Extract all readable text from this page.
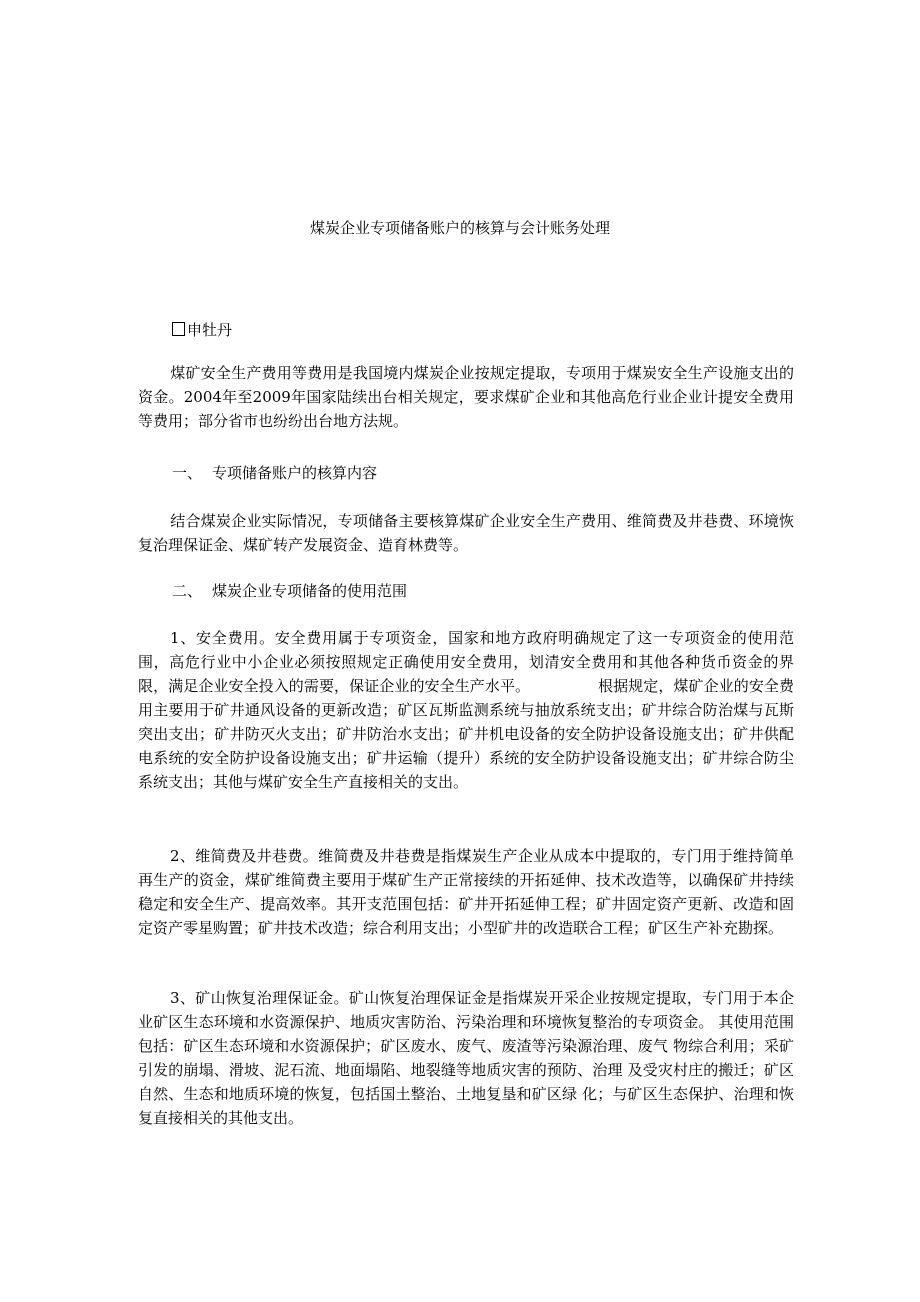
煤炭企业专项储备账户的核算与会计账务处理
申牡丹
煤矿安全生产费用等费用是我国境内煤炭企业按规定提取，专项用于煤炭安全生产设施支出的资金。2004年至2009年国家陆续出台相关规定，要求煤矿企业和其他高危行业企业计提安全费用等费用；部分省市也纷纷出台地方法规。
一、 专项储备账户的核算内容
结合煤炭企业实际情况，专项储备主要核算煤矿企业安全生产费用、维简费及井巷费、环境恢复治理保证金、煤矿转产发展资金、造育林费等。
二、 煤炭企业专项储备的使用范围
1、安全费用。安全费用属于专项资金，国家和地方政府明确规定了这一专项资金的使用范围，高危行业中小企业必须按照规定正确使用安全费用，划清安全费用和其他各种货币资金的界限，满足企业安全投入的需要，保证企业的安全生产水平。　　　　　根据规定，煤矿企业的安全费用主要用于矿井通风设备的更新改造；矿区瓦斯监测系统与抽放系统支出；矿井综合防治煤与瓦斯突出支出；矿井防灭火支出；矿井防治水支出；矿井机电设备的安全防护设备设施支出；矿井供配电系统的安全防护设备设施支出；矿井运输（提升）系统的安全防护设备设施支出；矿井综合防尘系统支出；其他与煤矿安全生产直接相关的支出。
2、维简费及井巷费。维简费及井巷费是指煤炭生产企业从成本中提取的，专门用于维持简单再生产的资金，煤矿维简费主要用于煤矿生产正常接续的开拓延伸、技术改造等，以确保矿井持续稳定和安全生产、提高效率。其开支范围包括：矿井开拓延伸工程；矿井固定资产更新、改造和固定资产零星购置；矿井技术改造；综合利用支出；小型矿井的改造联合工程；矿区生产补充勘探。
3、矿山恢复治理保证金。矿山恢复治理保证金是指煤炭开采企业按规定提取，专门用于本企业矿区生态环境和水资源保护、地质灾害防治、污染治理和环境恢复整治的专项资金。 其使用范围包括：矿区生态环境和水资源保护；矿区废水、废气、废渣等污染源治理、废气 物综合利用；采矿引发的崩塌、滑坡、泥石流、地面塌陷、地裂缝等地质灾害的预防、治理 及受灾村庄的搬迁；矿区自然、生态和地质环境的恢复，包括国土整治、土地复垦和矿区绿 化；与矿区生态保护、治理和恢复直接相关的其他支出。
